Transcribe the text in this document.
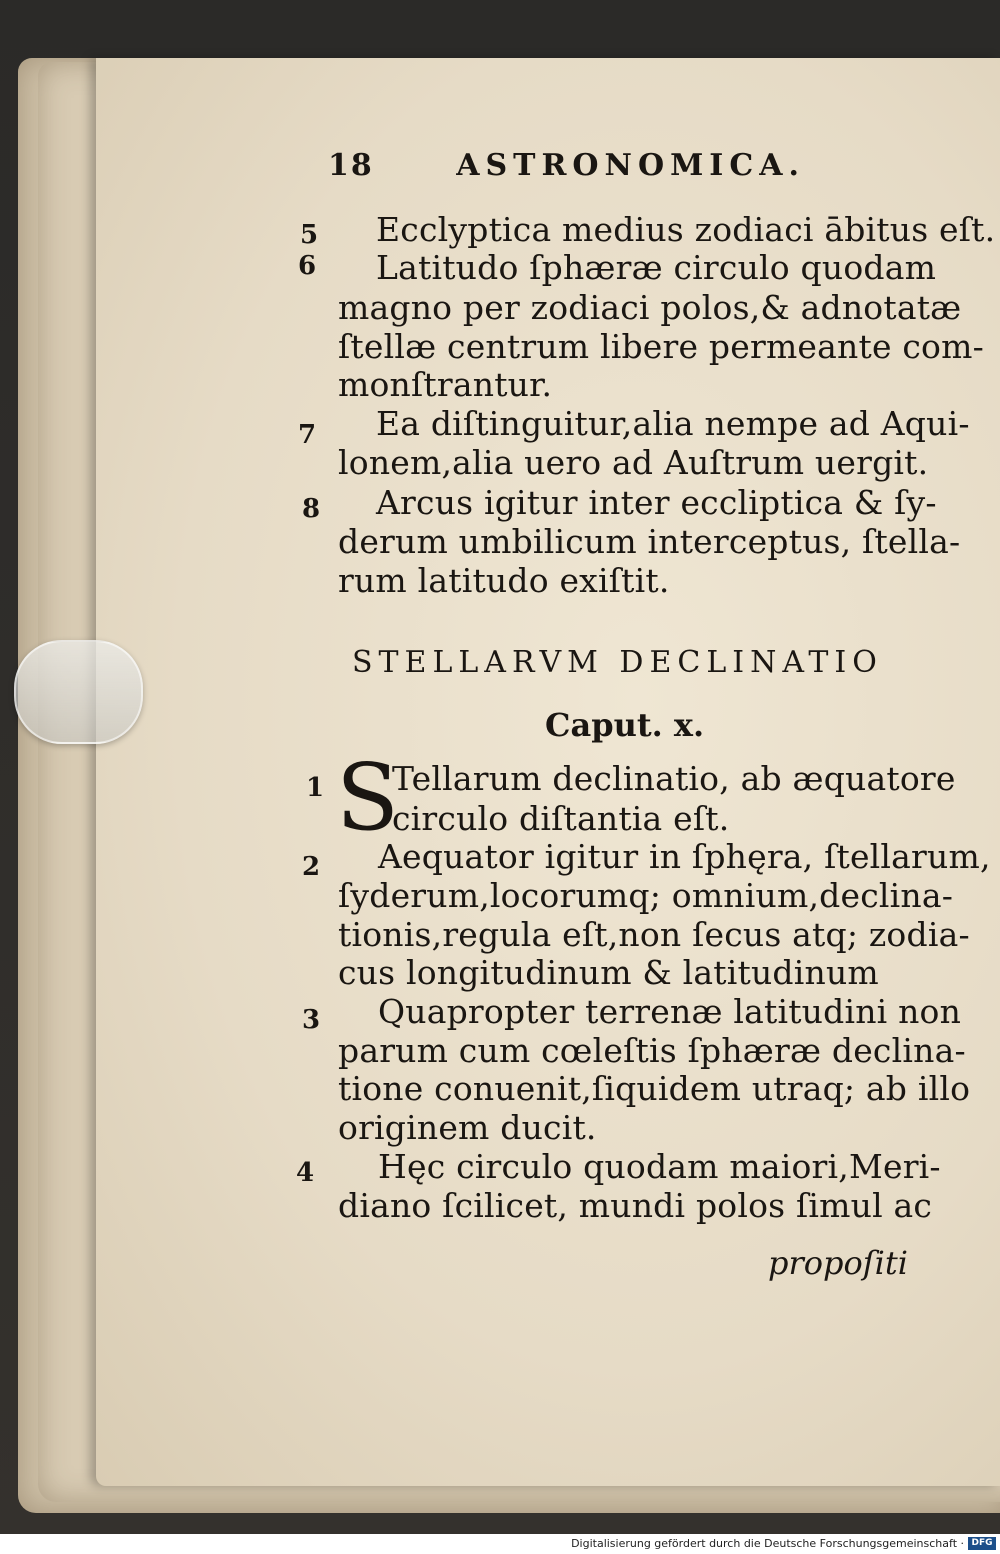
18	ASTRONOMICA.
5
6
7
8
1
2
3
4
Ecclyptica medius zodiaci ābitus eſt.
Latitudo ſphæræ circulo quodam
magno per zodiaci polos,& adnotatæ
ſtellæ centrum libere permeante com-
monſtrantur.
Ea diſtinguitur,alia nempe ad Aqui-
lonem,alia uero ad Auſtrum uergit.
Arcus igitur inter eccliptica & ſy-
derum umbilicum interceptus, ſtella-
rum latitudo exiſtit.
STELLARVM DECLINATIO
Caput. x.
S
Tellarum declinatio, ab æquatore
circulo diſtantia eſt.
Aequator igitur in ſphęra, ſtellarum,
ſyderum,locorumq; omnium,declina-
tionis,regula eſt,non ſecus atq; zodia-
cus longitudinum & latitudinum
Quapropter terrenæ latitudini non
parum cum cœleſtis ſphæræ declina-
tione conuenit,ſiquidem utraq; ab illo
originem ducit.
Hęc circulo quodam maiori,Meri-
diano ſcilicet, mundi polos ſimul ac
propoſiti
Digitalisierung gefördert durch die Deutsche Forschungsgemeinschaft · DFG
